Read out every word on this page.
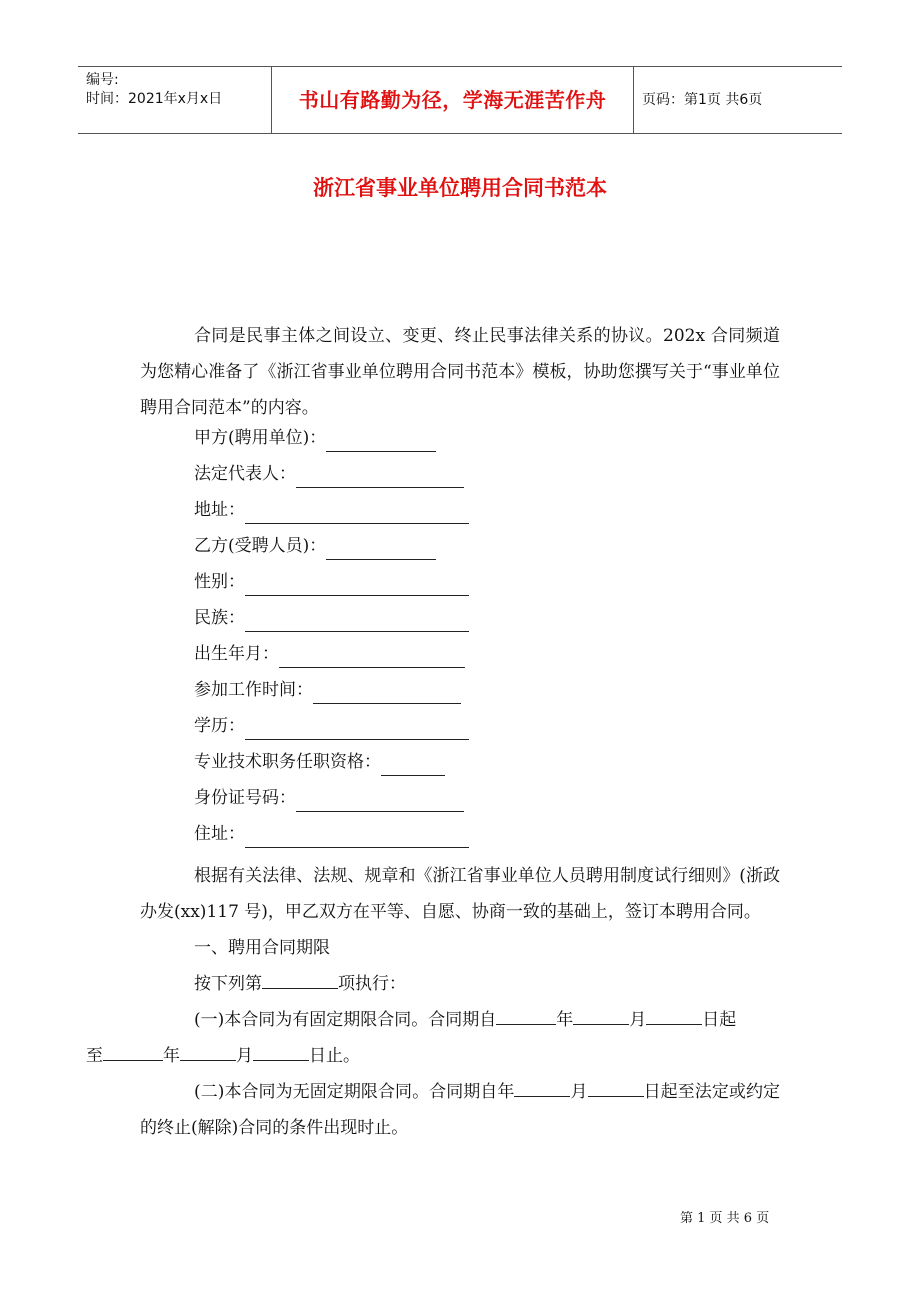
编号:
时间：2021年x月x日	书山有路勤为径，学海无涯苦作舟	页码：第1页 共6页
浙江省事业单位聘用合同书范本

合同是民事主体之间设立、变更、终止民事法律关系的协议。202x 合同频道为您精心准备了《浙江省事业单位聘用合同书范本》模板，协助您撰写关于“事业单位聘用合同范本”的内容。

甲方(聘用单位)：
法定代表人：
地址：
乙方(受聘人员)：
性别：
民族：
出生年月：
参加工作时间：
学历：
专业技术职务任职资格：
身份证号码：
住址：

根据有关法律、法规、规章和《浙江省事业单位人员聘用制度试行细则》(浙政办发(xx)117 号)，甲乙双方在平等、自愿、协商一致的基础上，签订本聘用合同。

一、聘用合同期限

按下列第	项执行：

(一)本合同为有固定期限合同。合同期自	年	月	日起
至	年	月	日止。

(二)本合同为无固定期限合同。合同期自年	月	日起至法定或约定的终止(解除)合同的条件出现时止。

第 1 页 共 6 页
